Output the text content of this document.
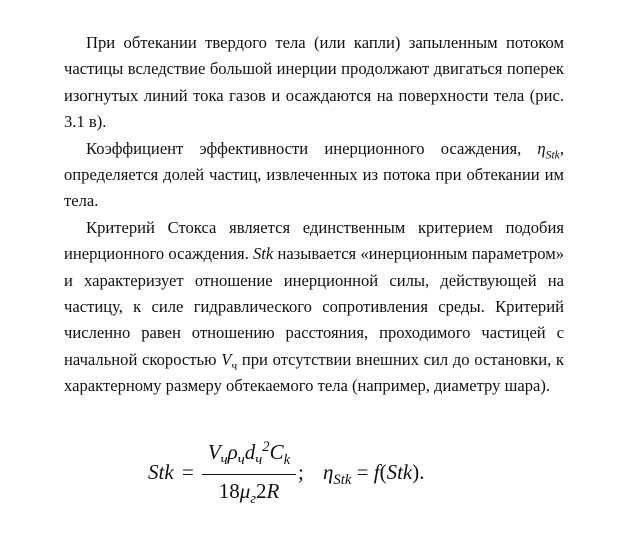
При обтекании твердого тела (или капли) запыленным потоком частицы вследствие большой инерции продолжают двигаться поперек изогнутых линий тока газов и осаждаются на поверхности тела (рис. 3.1 в).

Коэффициент эффективности инерционного осаждения, $\eta_{Stk}$, определяется долей частиц, извлеченных из потока при обтекании им тела.

Критерий Стокса является единственным критерием подобия инерционного осаждения. Stk называется «инерционным параметром» и характеризует отношение инерционной силы, действующей на частицу, к силе гидравлического сопротивления среды. Критерий численно равен отношению расстояния, проходимого частицей с начальной скоростью $V_ч$ при отсутствии внешних сил до остановки, к характерному размеру обтекаемого тела (например, диаметру шара).

Stk =
$V_ч\rho_чd_ч^2C_k$
$18\mu_г2R$
; $\eta_{Stk} = f(Stk)$.
